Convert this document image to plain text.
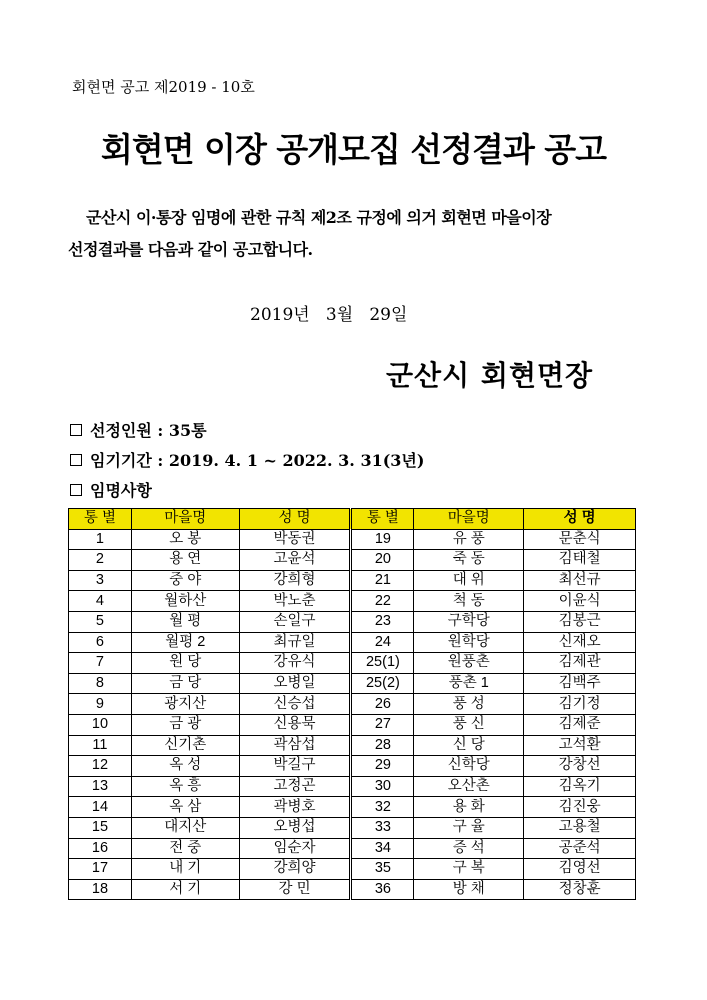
회현면 공고 제2019 - 10호
회현면 이장 공개모집 선정결과 공고
군산시 이·통장 임명에 관한 규칙 제2조 규정에 의거 회현면 마을이장
선정결과를 다음과 같이 공고합니다.
2019년   3월   29일
군산시 회현면장
선정인원 : 35통
임기기간 : 2019. 4. 1 ~ 2022. 3. 31(3년)
임명사항
통 별	마을명	성 명	통 별	마을명	성 명
1	오 봉	박동권	19	유 풍	문춘식
2	용 연	고윤석	20	죽 동	김태철
3	중 야	강희형	21	대 위	최선규
4	월하산	박노춘	22	척 동	이윤식
5	월 평	손일구	23	구학당	김봉근
6	월평 2	최규일	24	원학당	신재오
7	원 당	강유식	25(1)	원풍촌	김제관
8	금 당	오병일	25(2)	풍촌 1	김백주
9	광지산	신승섭	26	풍 성	김기정
10	금 광	신용묵	27	풍 신	김제준
11	신기촌	곽삼섭	28	신 당	고석환
12	옥 성	박길구	29	신학당	강창선
13	옥 흥	고정곤	30	오산촌	김옥기
14	옥 삼	곽병호	32	용 화	김진웅
15	대지산	오병섭	33	구 율	고용철
16	전 중	임순자	34	증 석	공준석
17	내 기	강희양	35	구 복	김영선
18	서 기	강 민	36	방 채	정창훈
